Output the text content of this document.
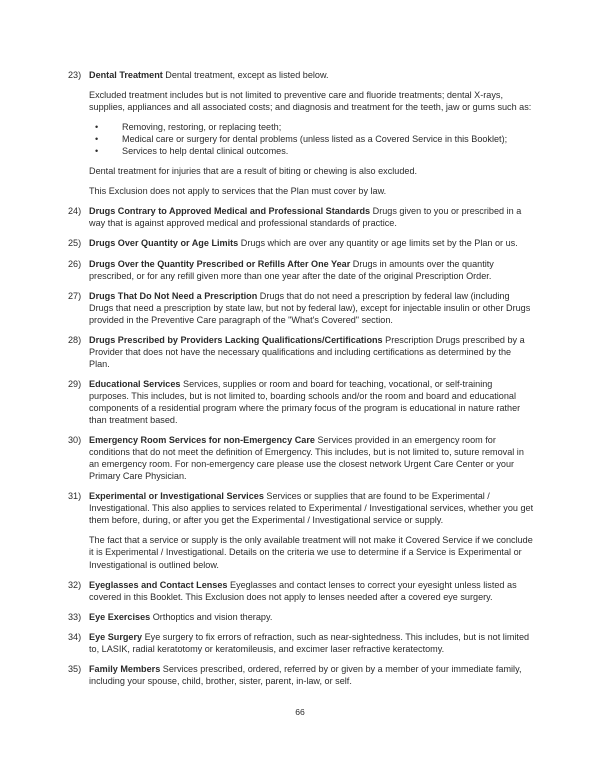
23) Dental Treatment Dental treatment, except as listed below.
Excluded treatment includes but is not limited to preventive care and fluoride treatments; dental X-rays, supplies, appliances and all associated costs; and diagnosis and treatment for the teeth, jaw or gums such as:
•	Removing, restoring, or replacing teeth;
•	Medical care or surgery for dental problems (unless listed as a Covered Service in this Booklet);
•	Services to help dental clinical outcomes.
Dental treatment for injuries that are a result of biting or chewing is also excluded.
This Exclusion does not apply to services that the Plan must cover by law.
24) Drugs Contrary to Approved Medical and Professional Standards Drugs given to you or prescribed in a way that is against approved medical and professional standards of practice.
25) Drugs Over Quantity or Age Limits Drugs which are over any quantity or age limits set by the Plan or us.
26) Drugs Over the Quantity Prescribed or Refills After One Year Drugs in amounts over the quantity prescribed, or for any refill given more than one year after the date of the original Prescription Order.
27) Drugs That Do Not Need a Prescription Drugs that do not need a prescription by federal law (including Drugs that need a prescription by state law, but not by federal law), except for injectable insulin or other Drugs provided in the Preventive Care paragraph of the "What's Covered" section.
28) Drugs Prescribed by Providers Lacking Qualifications/Certifications Prescription Drugs prescribed by a Provider that does not have the necessary qualifications and including certifications as determined by the Plan.
29) Educational Services Services, supplies or room and board for teaching, vocational, or self-training purposes. This includes, but is not limited to, boarding schools and/or the room and board and educational components of a residential program where the primary focus of the program is educational in nature rather than treatment based.
30) Emergency Room Services for non-Emergency Care Services provided in an emergency room for conditions that do not meet the definition of Emergency. This includes, but is not limited to, suture removal in an emergency room. For non-emergency care please use the closest network Urgent Care Center or your Primary Care Physician.
31) Experimental or Investigational Services Services or supplies that are found to be Experimental / Investigational. This also applies to services related to Experimental / Investigational services, whether you get them before, during, or after you get the Experimental / Investigational service or supply.
The fact that a service or supply is the only available treatment will not make it Covered Service if we conclude it is Experimental / Investigational. Details on the criteria we use to determine if a Service is Experimental or Investigational is outlined below.
32) Eyeglasses and Contact Lenses Eyeglasses and contact lenses to correct your eyesight unless listed as covered in this Booklet. This Exclusion does not apply to lenses needed after a covered eye surgery.
33) Eye Exercises Orthoptics and vision therapy.
34) Eye Surgery Eye surgery to fix errors of refraction, such as near-sightedness. This includes, but is not limited to, LASIK, radial keratotomy or keratomileusis, and excimer laser refractive keratectomy.
35) Family Members Services prescribed, ordered, referred by or given by a member of your immediate family, including your spouse, child, brother, sister, parent, in-law, or self.
66
